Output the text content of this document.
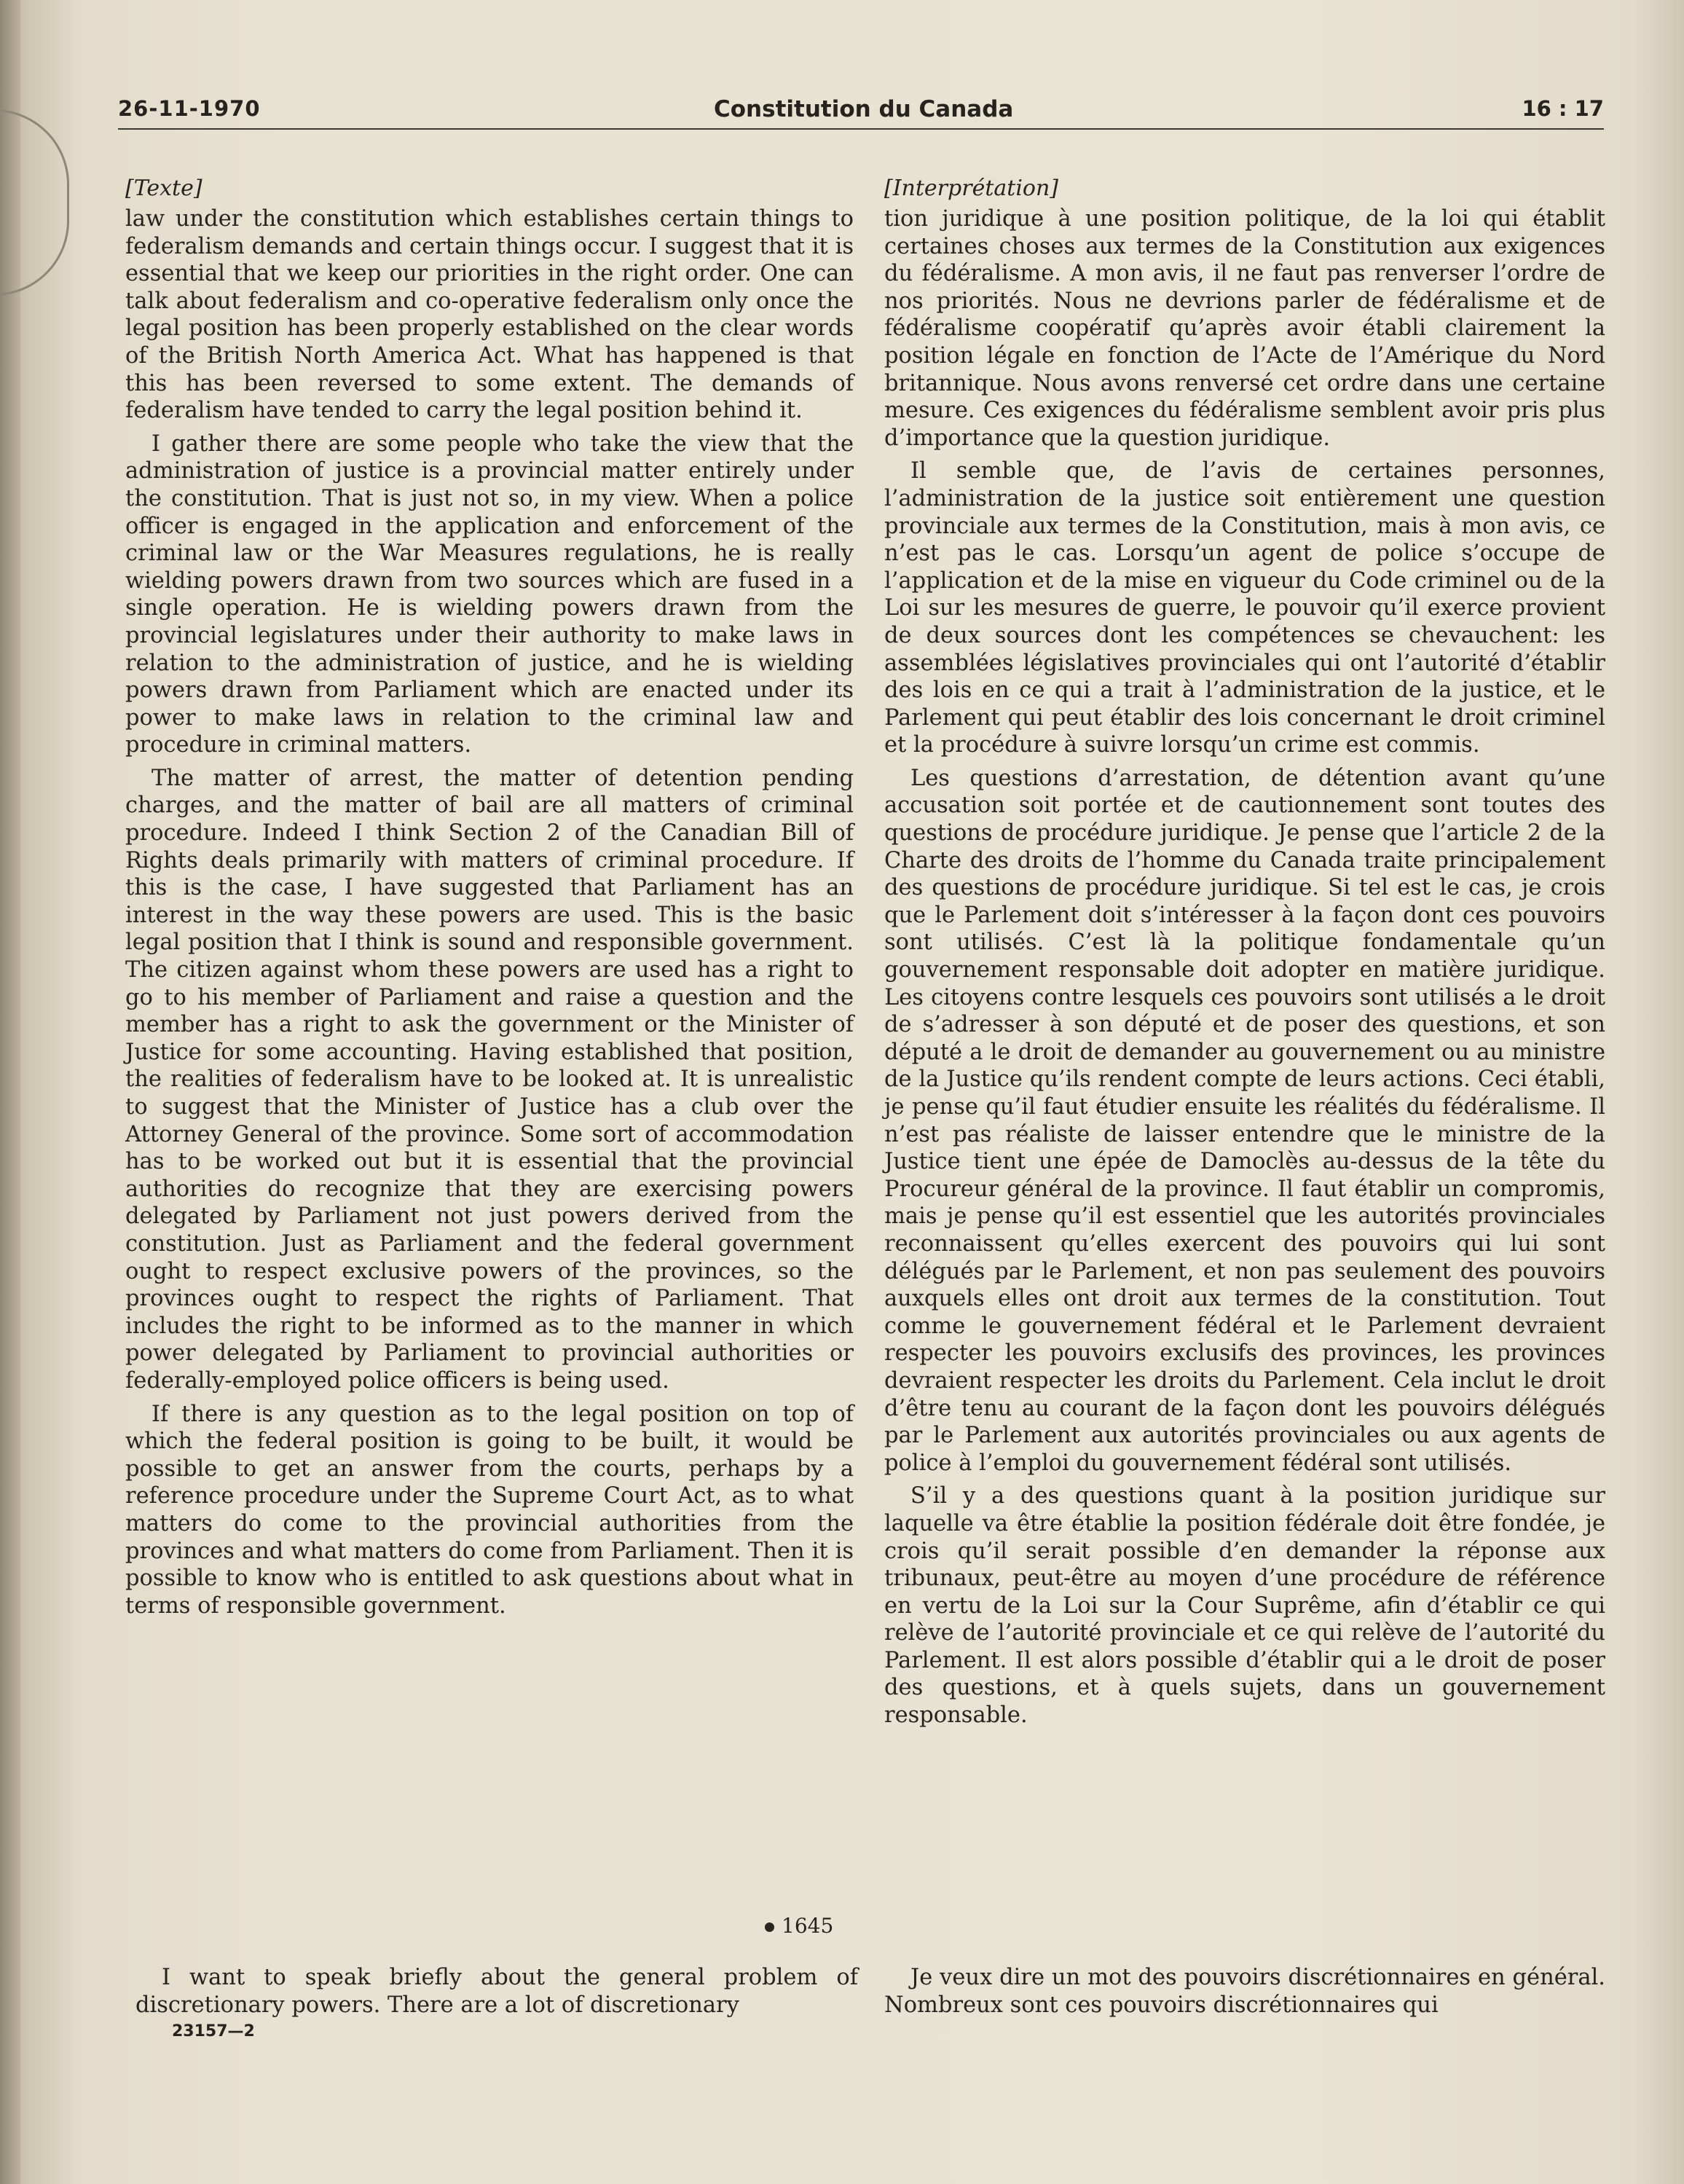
26-11-1970	Constitution du Canada	16 : 17
[Texte]

law under the constitution which establishes certain things to federalism demands and certain things occur. I suggest that it is essential that we keep our priorities in the right order. One can talk about federalism and co-operative federalism only once the legal position has been properly established on the clear words of the British North America Act. What has happened is that this has been reversed to some extent. The demands of federalism have tended to carry the legal position behind it.

I gather there are some people who take the view that the administration of justice is a provincial matter entirely under the constitution. That is just not so, in my view. When a police officer is engaged in the application and enforcement of the criminal law or the War Measures regulations, he is really wielding powers drawn from two sources which are fused in a single operation. He is wielding powers drawn from the provincial legislatures under their authority to make laws in relation to the administration of justice, and he is wielding powers drawn from Parliament which are enacted under its power to make laws in relation to the criminal law and procedure in criminal matters.

The matter of arrest, the matter of detention pending charges, and the matter of bail are all matters of criminal procedure. Indeed I think Section 2 of the Canadian Bill of Rights deals primarily with matters of criminal procedure. If this is the case, I have suggested that Parliament has an interest in the way these powers are used. This is the basic legal position that I think is sound and responsible government. The citizen against whom these powers are used has a right to go to his member of Parliament and raise a question and the member has a right to ask the government or the Minister of Justice for some accounting. Having established that position, the realities of federalism have to be looked at. It is unrealistic to suggest that the Minister of Justice has a club over the Attorney General of the province. Some sort of accommodation has to be worked out but it is essential that the provincial authorities do recognize that they are exercising powers delegated by Parliament not just powers derived from the constitution. Just as Parliament and the federal government ought to respect exclusive powers of the provinces, so the provinces ought to respect the rights of Parliament. That includes the right to be informed as to the manner in which power delegated by Parliament to provincial authorities or federally-employed police officers is being used.

If there is any question as to the legal position on top of which the federal position is going to be built, it would be possible to get an answer from the courts, perhaps by a reference procedure under the Supreme Court Act, as to what matters do come to the provincial authorities from the provinces and what matters do come from Parliament. Then it is possible to know who is entitled to ask questions about what in terms of responsible government.

[Interprétation]

tion juridique à une position politique, de la loi qui établit certaines choses aux termes de la Constitution aux exigences du fédéralisme. A mon avis, il ne faut pas renverser l’ordre de nos priorités. Nous ne devrions parler de fédéralisme et de fédéralisme coopératif qu’après avoir établi clairement la position légale en fonction de l’Acte de l’Amérique du Nord britannique. Nous avons renversé cet ordre dans une certaine mesure. Ces exigences du fédéralisme semblent avoir pris plus d’importance que la question juridique.

Il semble que, de l’avis de certaines personnes, l’administration de la justice soit entièrement une question provinciale aux termes de la Constitution, mais à mon avis, ce n’est pas le cas. Lorsqu’un agent de police s’occupe de l’application et de la mise en vigueur du Code criminel ou de la Loi sur les mesures de guerre, le pouvoir qu’il exerce provient de deux sources dont les compétences se chevauchent: les assemblées législatives provinciales qui ont l’autorité d’établir des lois en ce qui a trait à l’administration de la justice, et le Parlement qui peut établir des lois concernant le droit criminel et la procédure à suivre lorsqu’un crime est commis.

Les questions d’arrestation, de détention avant qu’une accusation soit portée et de cautionnement sont toutes des questions de procédure juridique. Je pense que l’article 2 de la Charte des droits de l’homme du Canada traite principalement des questions de procédure juridique. Si tel est le cas, je crois que le Parlement doit s’intéresser à la façon dont ces pouvoirs sont utilisés. C’est là la politique fondamentale qu’un gouvernement responsable doit adopter en matière juridique. Les citoyens contre lesquels ces pouvoirs sont utilisés a le droit de s’adresser à son député et de poser des questions, et son député a le droit de demander au gouvernement ou au ministre de la Justice qu’ils rendent compte de leurs actions. Ceci établi, je pense qu’il faut étudier ensuite les réalités du fédéralisme. Il n’est pas réaliste de laisser entendre que le ministre de la Justice tient une épée de Damoclès au-dessus de la tête du Procureur général de la province. Il faut établir un compromis, mais je pense qu’il est essentiel que les autorités provinciales reconnaissent qu’elles exercent des pouvoirs qui lui sont délégués par le Parlement, et non pas seulement des pouvoirs auxquels elles ont droit aux termes de la constitution. Tout comme le gouvernement fédéral et le Parlement devraient respecter les pouvoirs exclusifs des provinces, les provinces devraient respecter les droits du Parlement. Cela inclut le droit d’être tenu au courant de la façon dont les pouvoirs délégués par le Parlement aux autorités provinciales ou aux agents de police à l’emploi du gouvernement fédéral sont utilisés.

S’il y a des questions quant à la position juridique sur laquelle va être établie la position fédérale doit être fondée, je crois qu’il serait possible d’en demander la réponse aux tribunaux, peut-être au moyen d’une procédure de référence en vertu de la Loi sur la Cour Suprême, afin d’établir ce qui relève de l’autorité provinciale et ce qui relève de l’autorité du Parlement. Il est alors possible d’établir qui a le droit de poser des questions, et à quels sujets, dans un gouvernement responsable.

1645

I want to speak briefly about the general problem of discretionary powers. There are a lot of discretionary

Je veux dire un mot des pouvoirs discrétionnaires en général. Nombreux sont ces pouvoirs discrétionnaires qui

23157—2
